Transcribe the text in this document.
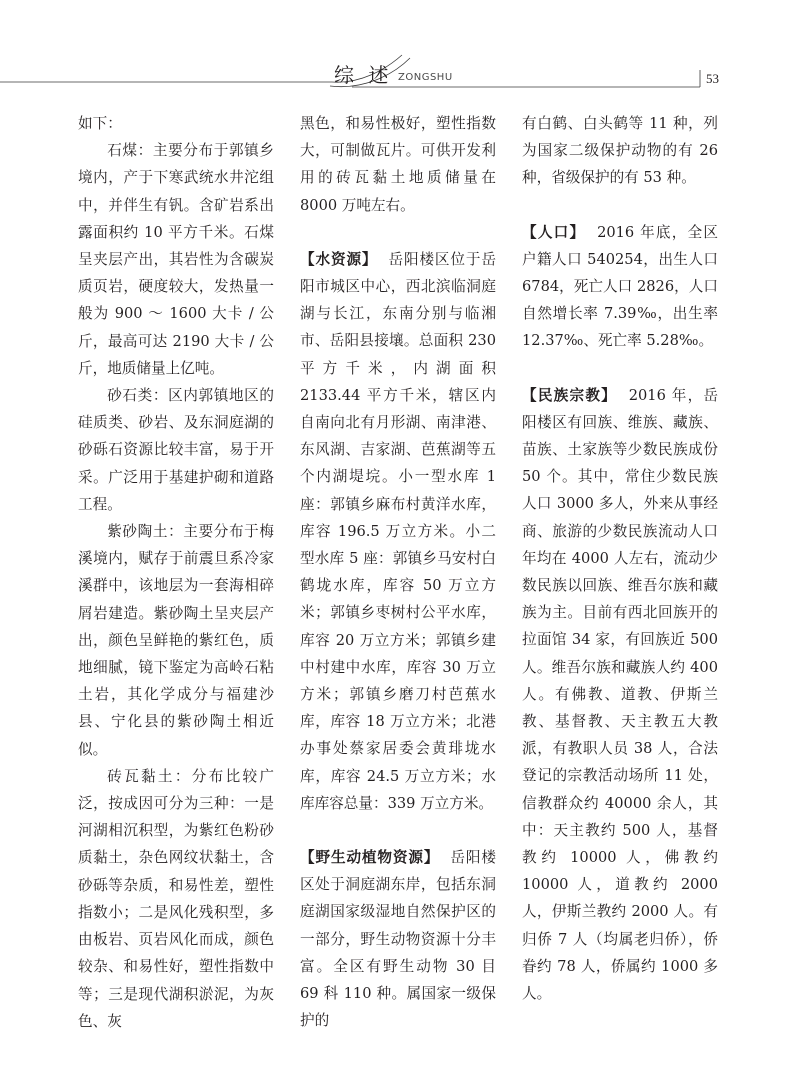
综 述 ZONGSHU	53

如下：

石煤：主要分布于郭镇乡境内，产于下寒武统水井沱组中，并伴生有钒。含矿岩系出露面积约 10 平方千米。石煤呈夹层产出，其岩性为含碳炭质页岩，硬度较大，发热量一般为 900 ～ 1600 大卡 / 公斤，最高可达 2190 大卡 / 公斤，地质储量上亿吨。

砂石类：区内郭镇地区的硅质类、砂岩、及东洞庭湖的砂砾石资源比较丰富，易于开采。广泛用于基建护砌和道路工程。

紫砂陶土：主要分布于梅溪境内，赋存于前震旦系冷家溪群中，该地层为一套海相碎屑岩建造。紫砂陶土呈夹层产出，颜色呈鲜艳的紫红色，质地细腻，镜下鉴定为高岭石粘土岩，其化学成分与福建沙县、宁化县的紫砂陶土相近似。

砖瓦黏土：分布比较广泛，按成因可分为三种：一是河湖相沉积型，为紫红色粉砂质黏土，杂色网纹状黏土，含砂砾等杂质，和易性差，塑性指数小；二是风化残积型，多由板岩、页岩风化而成，颜色较杂、和易性好，塑性指数中等；三是现代湖积淤泥，为灰色、灰

黑色，和易性极好，塑性指数大，可制做瓦片。可供开发利用的砖瓦黏土地质储量在 8000 万吨左右。

【水资源】 岳阳楼区位于岳阳市城区中心，西北滨临洞庭湖与长江，东南分别与临湘市、岳阳县接壤。总面积 230 平方千米，内湖面积 2133.44 平方千米，辖区内自南向北有月形湖、南津港、东风湖、吉家湖、芭蕉湖等五个内湖堤垸。小一型水库 1 座：郭镇乡麻布村黄洋水库，库容 196.5 万立方米。小二型水库 5 座：郭镇乡马安村白鹤垅水库，库容 50 万立方米；郭镇乡枣树村公平水库，库容 20 万立方米；郭镇乡建中村建中水库，库容 30 万立方米；郭镇乡磨刀村芭蕉水库，库容 18 万立方米；北港办事处蔡家居委会黄琲垅水库，库容 24.5 万立方米；水库库容总量：339 万立方米。

【野生动植物资源】 岳阳楼区处于洞庭湖东岸，包括东洞庭湖国家级湿地自然保护区的一部分，野生动物资源十分丰富。全区有野生动物 30 目 69 科 110 种。属国家一级保护的

有白鹤、白头鹤等 11 种，列为国家二级保护动物的有 26 种，省级保护的有 53 种。

【人口】 2016 年底，全区户籍人口 540254，出生人口 6784，死亡人口 2826，人口自然增长率 7.39‰，出生率 12.37‰、死亡率 5.28‰。

【民族宗教】 2016 年，岳阳楼区有回族、维族、藏族、苗族、土家族等少数民族成份 50 个。其中，常住少数民族人口 3000 多人，外来从事经商、旅游的少数民族流动人口年均在 4000 人左右，流动少数民族以回族、维吾尔族和藏族为主。目前有西北回族开的拉面馆 34 家，有回族近 500 人。维吾尔族和藏族人约 400 人。有佛教、道教、伊斯兰教、基督教、天主教五大教派，有教职人员 38 人，合法登记的宗教活动场所 11 处，信教群众约 40000 余人，其中：天主教约 500 人，基督教约 10000 人，佛教约 10000 人，道教约 2000 人，伊斯兰教约 2000 人。有归侨 7 人（均属老归侨），侨眷约 78 人，侨属约 1000 多人。
